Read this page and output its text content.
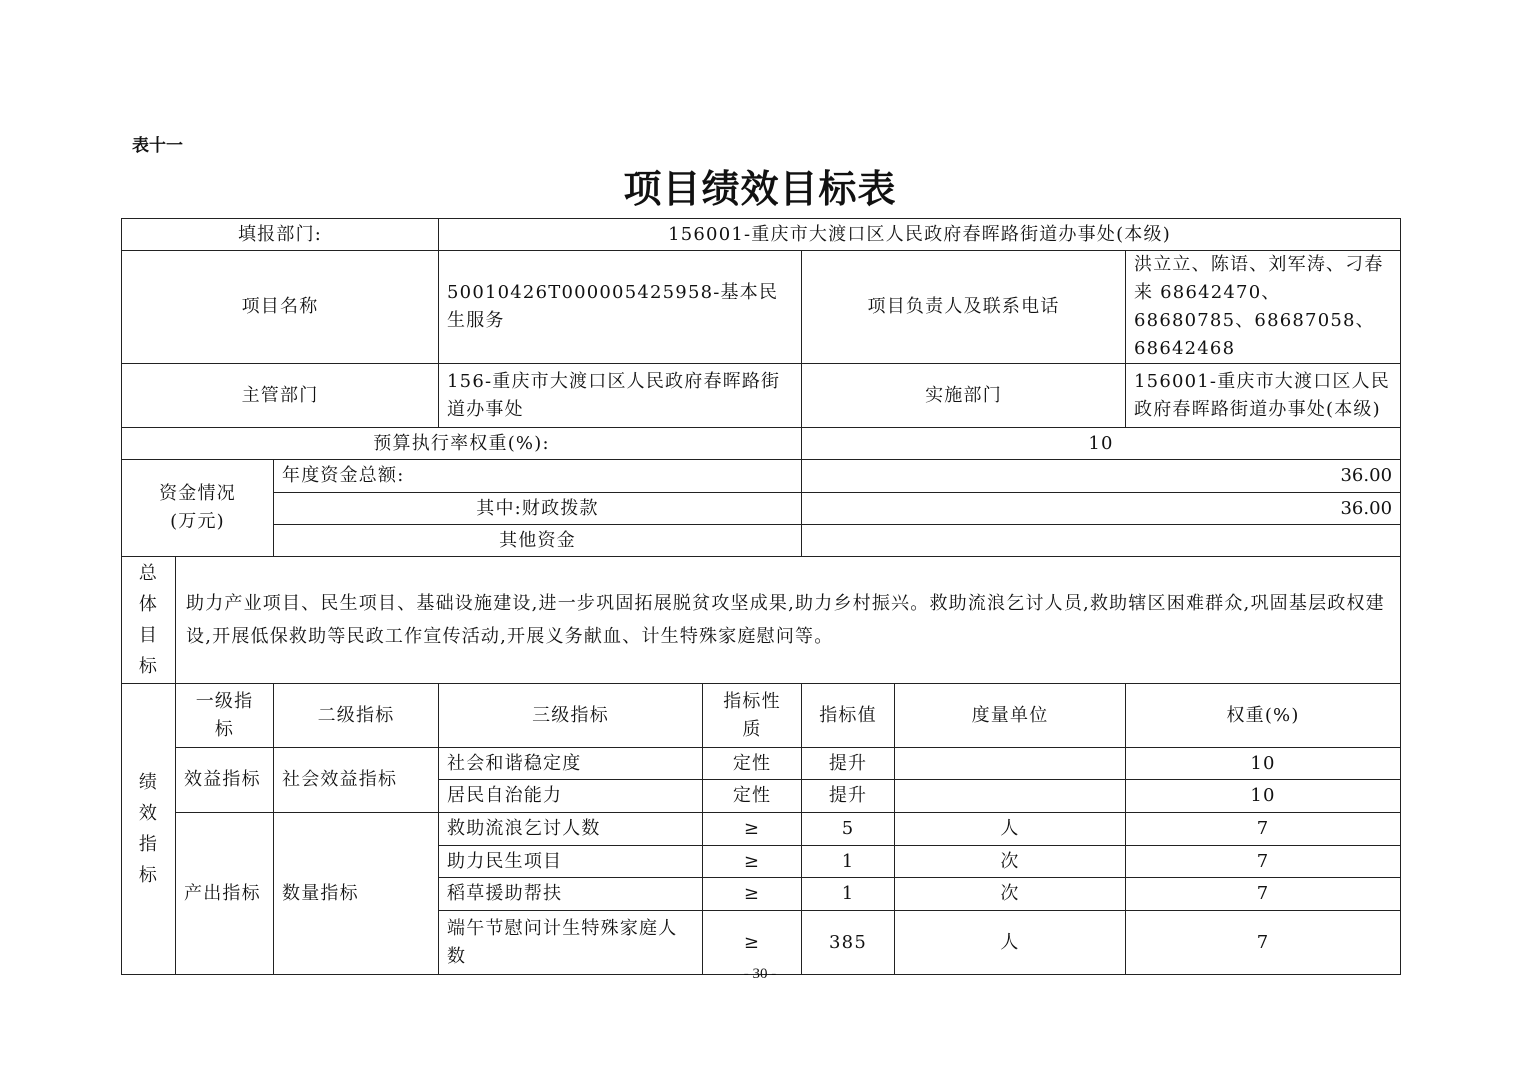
表十一
项目绩效目标表
填报部门:			156001-重庆市大渡口区人民政府春晖路街道办事处(本级)				
项目名称			50010426T000005425958-基本民生服务		项目负责人及联系电话		洪立立、陈语、刘军涛、刁春来 68642470、68680785、68687058、68642468
主管部门			156-重庆市大渡口区人民政府春晖路街道办事处		实施部门		156001-重庆市大渡口区人民政府春晖路街道办事处(本级)
预算执行率权重(%):					10		
资金情况(万元)		年度资金总额:			36.00		
		其中:财政拨款			36.00		
		其他资金					

总
体
目
标	助力产业项目、民生项目、基础设施建设,进一步巩固拓展脱贫攻坚成果,助力乡村振兴。救助流浪乞讨人员,救助辖区困难群众,巩固基层政权建设,开展低保救助等民政工作宣传活动,开展义务献血、计生特殊家庭慰问等。						

绩
效
指
标	一级指标	二级指标	三级指标	指标性质	指标值	度量单位	权重(%)
	效益指标	社会效益指标	社会和谐稳定度	定性	提升		10
			居民自治能力	定性	提升		10
	产出指标	数量指标	救助流浪乞讨人数	≥	5	人	7
			助力民生项目	≥	1	次	7
			稻草援助帮扶	≥	1	次	7
			端午节慰问计生特殊家庭人数	≥	385	人	7
- 30 -
